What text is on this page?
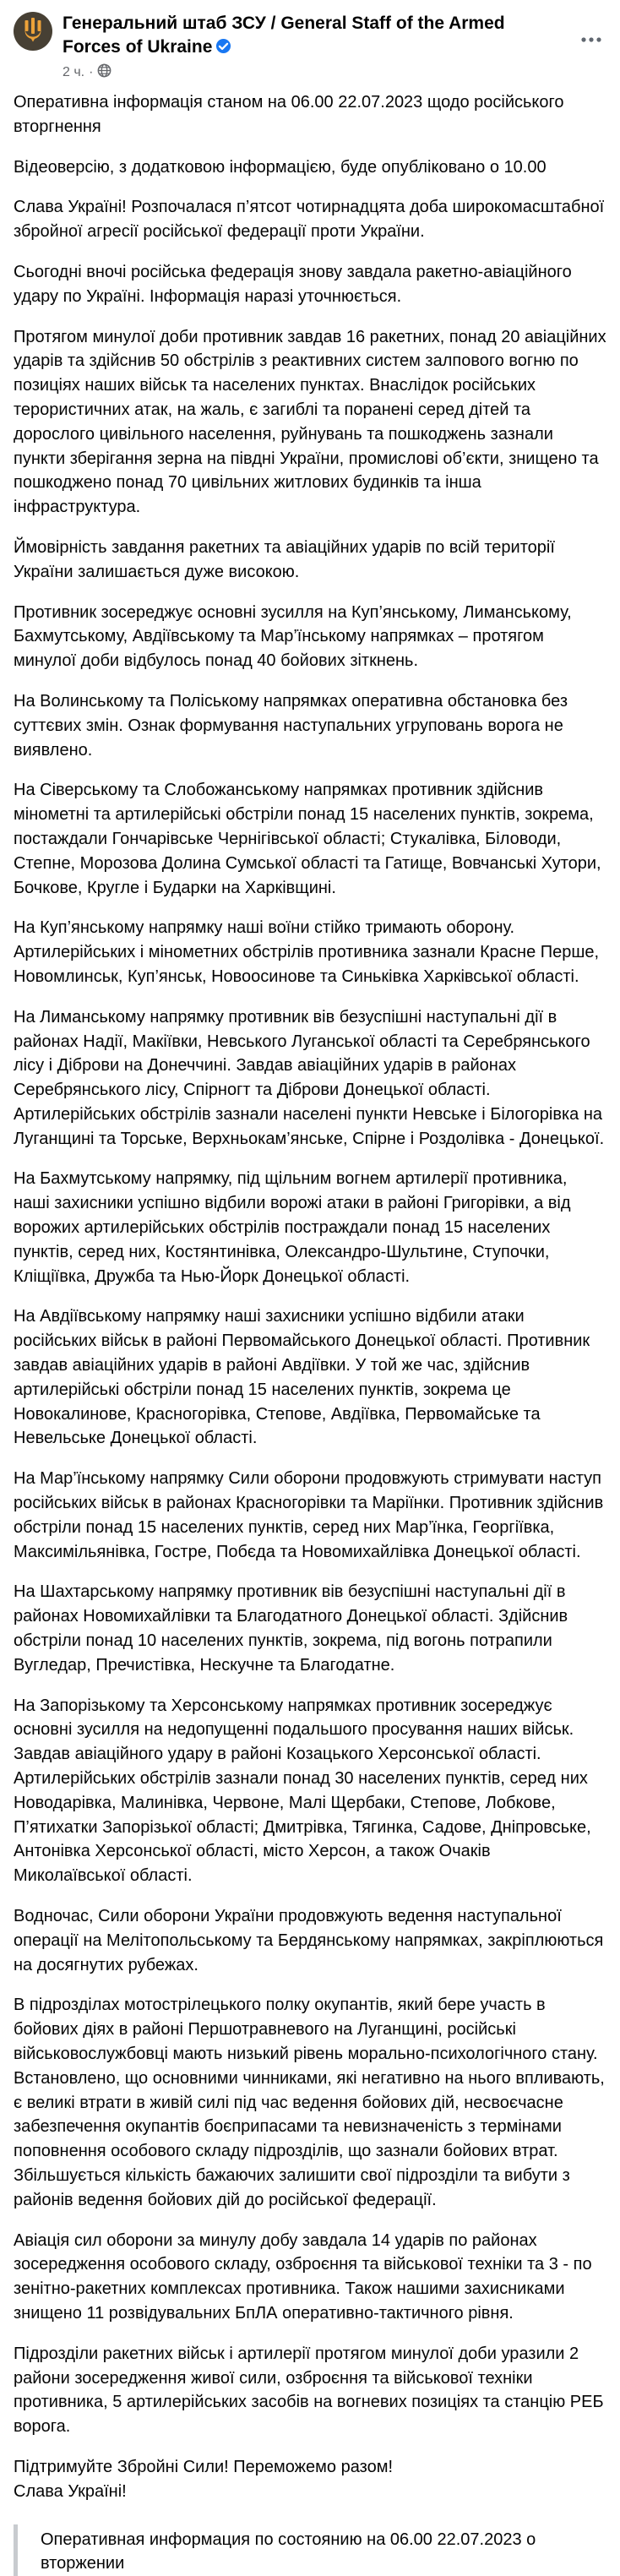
Генеральний штаб ЗСУ / General Staff of the Armed Forces of Ukraine
2 ч. ·

Оперативна інформація станом на 06.00 22.07.2023 щодо російського вторгнення

Відеоверсію, з додатковою інформацією, буде опубліковано о 10.00

Слава Україні! Розпочалася п’ятсот чотирнадцята доба широкомасштабної збройної агресії російської федерації проти України.

Сьогодні вночі російська федерація знову завдала ракетно-авіаційного удару по Україні. Інформація наразі уточнюється.

Протягом минулої доби противник завдав 16 ракетних, понад 20 авіаційних ударів та здійснив 50 обстрілів з реактивних систем залпового вогню по позиціях наших військ та населених пунктах. Внаслідок російських терористичних атак, на жаль, є загиблі та поранені серед дітей та дорослого цивільного населення, руйнувань та пошкоджень зазнали пункти зберігання зерна на півдні України, промислові об’єкти, знищено та пошкоджено понад 70 цивільних житлових будинків та інша інфраструктура.

Ймовірність завдання ракетних та авіаційних ударів по всій території України залишається дуже високою.

Противник зосереджує основні зусилля на Куп’янському, Лиманському, Бахмутському, Авдіївському та Мар’їнському напрямках – протягом минулої доби відбулось понад 40 бойових зіткнень.

На Волинському та Поліському напрямках оперативна обстановка без суттєвих змін. Ознак формування наступальних угруповань ворога не виявлено.

На Сіверському та Слобожанському напрямках противник здійснив мінометні та артилерійські обстріли понад 15 населених пунктів, зокрема, постаждали Гончарівське Чернігівської області; Стукалівка, Біловоди, Степне, Морозова Долина Сумської області та Гатище, Вовчанські Хутори, Бочкове, Кругле і Бударки на Харківщині.

На Куп’янському напрямку наші воїни стійко тримають оборону. Артилерійських і мінометних обстрілів противника зазнали Красне Перше, Новомлинськ, Куп’янськ, Новоосинове та Синьківка Харківської області.

На Лиманському напрямку противник вів безуспішні наступальні дії в районах Надії, Макіївки, Невського Луганської області та Серебрянського лісу і Діброви на Донеччині. Завдав авіаційних ударів в районах Серебрянського лісу, Спірногт та Діброви Донецької області. Артилерійських обстрілів зазнали населені пункти Невське і Білогорівка на Луганщині та Торське, Верхньокам’янське, Спірне і Роздолівка - Донецької.

На Бахмутському напрямку, під щільним вогнем артилерії противника, наші захисники успішно відбили ворожі атаки в районі Григорівки, а від ворожих артилерійських обстрілів постраждали понад 15 населених пунктів, серед них, Костянтинівка, Олександро-Шультине, Ступочки, Кліщіївка, Дружба та Нью-Йорк Донецької області.

На Авдіївському напрямку наші захисники успішно відбили атаки російських військ в районі Первомайського Донецької області. Противник завдав авіаційних ударів в районі Авдіївки. У той же час, здійснив артилерійські обстріли понад 15 населених пунктів, зокрема це Новокалинове, Красногорівка, Степове, Авдіївка, Первомайське та Невельське Донецької області.

На Мар’їнському напрямку Сили оборони продовжують стримувати наступ російських військ в районах Красногорівки та Маріїнки. Противник здійснив обстріли понад 15 населених пунктів, серед них Мар’їнка, Георгіївка, Максимільянівка, Гостре, Побєда та Новомихайлівка Донецької області.

На Шахтарському напрямку противник вів безуспішні наступальні дії в районах Новомихайлівки та Благодатного Донецької області. Здійснив обстріли понад 10 населених пунктів, зокрема, під вогонь потрапили Вугледар, Пречистівка, Нескучне та Благодатне.

На Запорізькому та Херсонському напрямках противник зосереджує основні зусилля на недопущенні подальшого просування наших військ. Завдав авіаційного удару в районі Козацького Херсонської області. Артилерійських обстрілів зазнали понад 30 населених пунктів, серед них Новодарівка, Малинівка, Червоне, Малі Щербаки, Степове, Лобкове, П’ятихатки Запорізької області; Дмитрівка, Тягинка, Садове, Дніпровське, Антонівка Херсонської області, місто Херсон, а також Очаків Миколаївської області.

Водночас, Сили оборони України продовжують ведення наступальної операції на Мелітопольському та Бердянському напрямках, закріплюються на досягнутих рубежах.

В підрозділах мотострілецького полку окупантів, який бере участь в бойових діях в районі Першотравневого на Луганщині, російські військовослужбовці мають низький рівень морально-психологічного стану. Встановлено, що основними чинниками, які негативно на нього впливають, є великі втрати в живій силі під час ведення бойових дій, несвоєчасне забезпечення окупантів боєприпасами та невизначеність з термінами поповнення особового складу підрозділів, що зазнали бойових втрат. Збільшується кількість бажаючих залишити свої підрозділи та вибути з районів ведення бойових дій до російської федерації.

Авіація сил оборони за минулу добу завдала 14 ударів по районах зосередження особового складу, озброєння та військової техніки та 3 - по зенітно-ракетних комплексах противника. Також нашими захисниками знищено 11 розвідувальних БпЛА оперативно-тактичного рівня.

Підрозділи ракетних військ і артилерії протягом минулої доби уразили 2 райони зосередження живої сили, озброєння та військової техніки противника, 5 артилерійських засобів на вогневих позиціях та станцію РЕБ ворога.

Підтримуйте Збройні Сили! Переможемо разом!
Слава Україні!

Оперативная информация по состоянию на 06.00 22.07.2023 о вторжении
